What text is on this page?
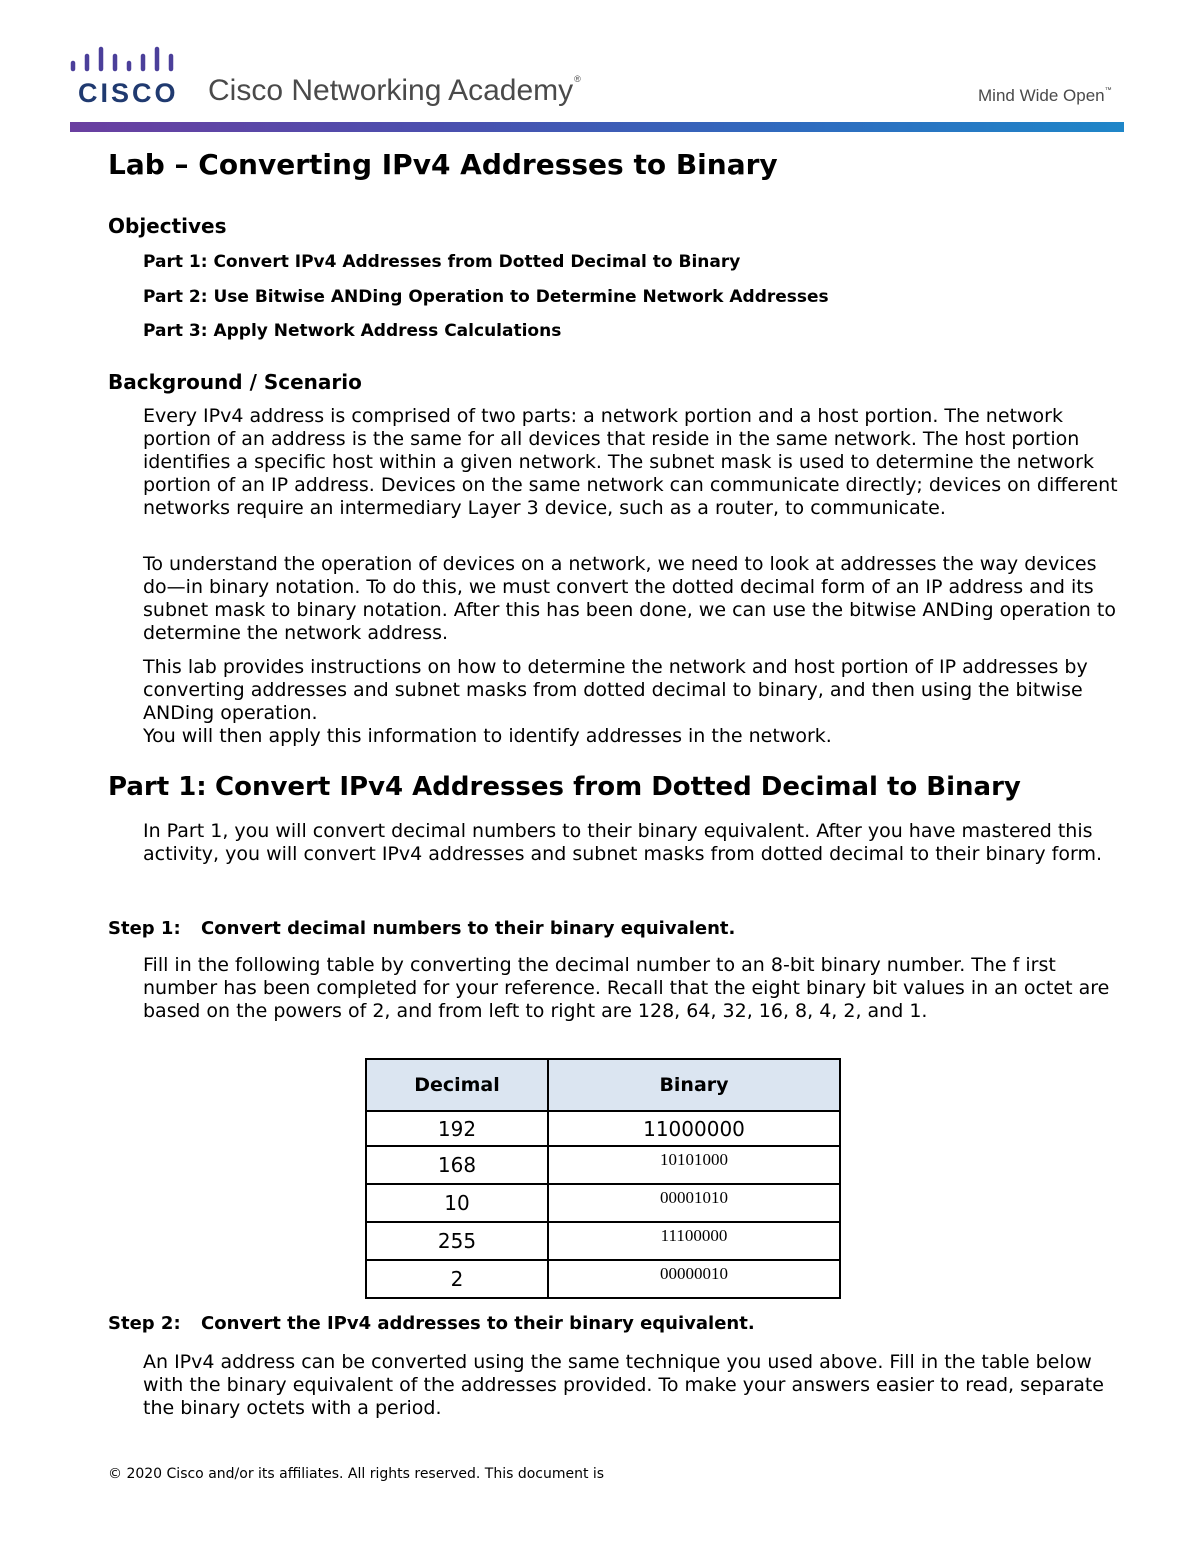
CISCO Cisco Networking Academy®
Mind Wide Open™
Lab – Converting IPv4 Addresses to Binary
Objectives
Part 1: Convert IPv4 Addresses from Dotted Decimal to Binary
Part 2: Use Bitwise ANDing Operation to Determine Network Addresses
Part 3: Apply Network Address Calculations
Background / Scenario

Every IPv4 address is comprised of two parts: a network portion and a host portion. The network portion of an address is the same for all devices that reside in the same network. The host portion identifies a specific host within a given network. The subnet mask is used to determine the network portion of an IP address. Devices on the same network can communicate directly; devices on different networks require an intermediary Layer 3 device, such as a router, to communicate.

To understand the operation of devices on a network, we need to look at addresses the way devices do—in binary notation. To do this, we must convert the dotted decimal form of an IP address and its subnet mask to binary notation. After this has been done, we can use the bitwise ANDing operation to determine the network address.

This lab provides instructions on how to determine the network and host portion of IP addresses by converting addresses and subnet masks from dotted decimal to binary, and then using the bitwise ANDing operation.

You will then apply this information to identify addresses in the network.

Part 1: Convert IPv4 Addresses from Dotted Decimal to Binary

In Part 1, you will convert decimal numbers to their binary equivalent. After you have mastered this activity, you will convert IPv4 addresses and subnet masks from dotted decimal to their binary form.

Step 1: Convert decimal numbers to their binary equivalent.

Fill in the following table by converting the decimal number to an 8-bit binary number. The f irst number has been completed for your reference. Recall that the eight binary bit values in an octet are based on the powers of 2, and from left to right are 128, 64, 32, 16, 8, 4, 2, and 1.

Decimal	Binary
192	11000000
168	10101000
10	00001010
255	11100000
2	00000010
Step 2: Convert the IPv4 addresses to their binary equivalent.

An IPv4 address can be converted using the same technique you used above. Fill in the table below with the binary equivalent of the addresses provided. To make your answers easier to read, separate the binary octets with a period.

© 2020 Cisco and/or its affiliates. All rights reserved. This document is
